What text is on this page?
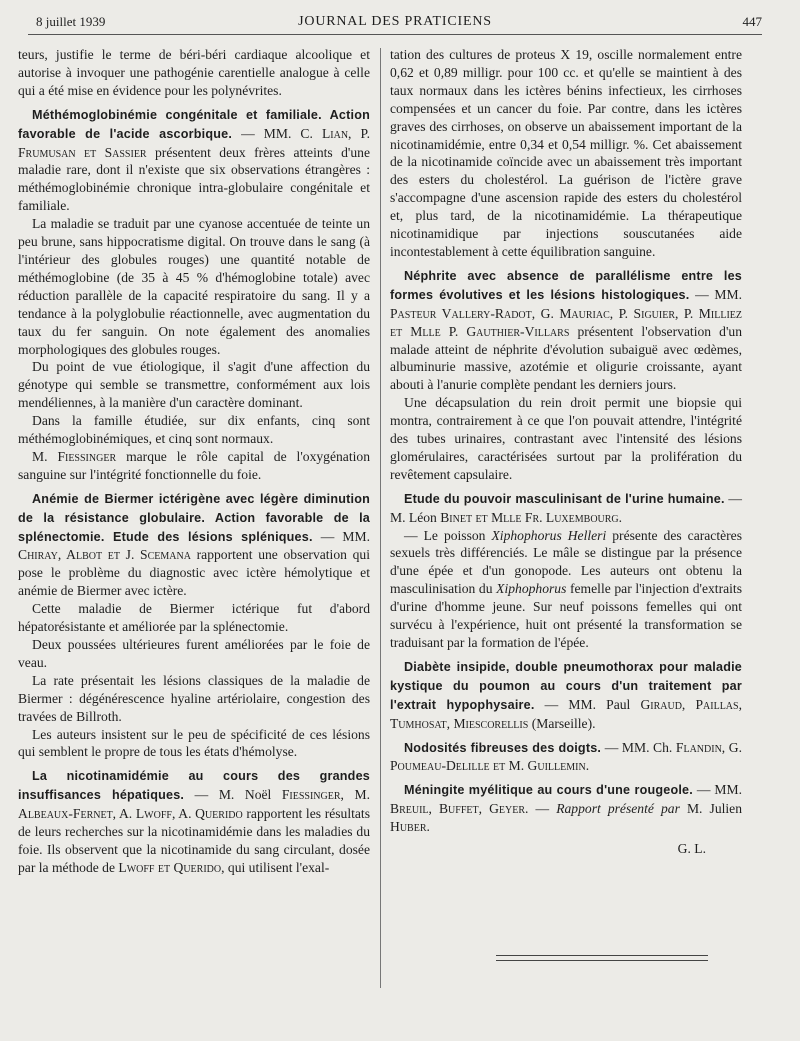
8 juillet 1939	JOURNAL DES PRATICIENS	447

teurs, justifie le terme de béri-béri cardiaque alcoolique et autorise à invoquer une pathogénie carentielle analogue à celle qui a été mise en évidence pour les polynévrites.

Méthémoglobinémie congénitale et familiale. Action favorable de l'acide ascorbique. — MM. C. Lian, P. Frumusan et Sassier présentent deux frères atteints d'une maladie rare, dont il n'existe que six observations étrangères : méthémoglobinémie chronique intra-globulaire congénitale et familiale.

La maladie se traduit par une cyanose accentuée de teinte un peu brune, sans hippocratisme digital. On trouve dans le sang (à l'intérieur des globules rouges) une quantité notable de méthémoglobine (de 35 à 45 % d'hémoglobine totale) avec réduction parallèle de la capacité respiratoire du sang. Il y a tendance à la polyglobulie réactionnelle, avec augmentation du taux du fer sanguin. On note également des anomalies morphologiques des globules rouges.

Du point de vue étiologique, il s'agit d'une affection du génotype qui semble se transmettre, conformément aux lois mendéliennes, à la manière d'un caractère dominant.

Dans la famille étudiée, sur dix enfants, cinq sont méthémoglobinémiques, et cinq sont normaux.

M. Fiessinger marque le rôle capital de l'oxygénation sanguine sur l'intégrité fonctionnelle du foie.

Anémie de Biermer ictérigène avec légère diminution de la résistance globulaire. Action favorable de la splénectomie. Etude des lésions spléniques. — MM. Chiray, Albot et J. Scemana rapportent une observation qui pose le problème du diagnostic avec ictère hémolytique et anémie de Biermer avec ictère.

Cette maladie de Biermer ictérique fut d'abord hépatorésistante et améliorée par la splénectomie.

Deux poussées ultérieures furent améliorées par le foie de veau.

La rate présentait les lésions classiques de la maladie de Biermer : dégénérescence hyaline artériolaire, congestion des travées de Billroth.

Les auteurs insistent sur le peu de spécificité de ces lésions qui semblent le propre de tous les états d'hémolyse.

La nicotinamidémie au cours des grandes insuffisances hépatiques. — M. Noël Fiessinger, M. Albeaux-Fernet, A. Lwoff, A. Querido rapportent les résultats de leurs recherches sur la nicotinamidémie dans les maladies du foie. Ils observent que la nicotinamide du sang circulant, dosée par la méthode de Lwoff et Querido, qui utilisent l'exal-

tation des cultures de proteus X 19, oscille normalement entre 0,62 et 0,89 milligr. pour 100 cc. et qu'elle se maintient à des taux normaux dans les ictères bénins infectieux, les cirrhoses compensées et un cancer du foie. Par contre, dans les ictères graves des cirrhoses, on observe un abaissement important de la nicotinamidémie, entre 0,34 et 0,54 milligr. %. Cet abaissement de la nicotinamide coïncide avec un abaissement très important des esters du cholestérol. La guérison de l'ictère grave s'accompagne d'une ascension rapide des esters du cholestérol et, plus tard, de la nicotinamidémie. La thérapeutique nicotinamidique par injections souscutanées aide incontestablement à cette équilibration sanguine.

Néphrite avec absence de parallélisme entre les formes évolutives et les lésions histologiques. — MM. Pasteur Vallery-Radot, G. Mauriac, P. Siguier, P. Milliez et Mlle P. Gauthier-Villars présentent l'observation d'un malade atteint de néphrite d'évolution subaiguë avec œdèmes, albuminurie massive, azotémie et oligurie croissante, ayant abouti à l'anurie complète pendant les derniers jours.

Une décapsulation du rein droit permit une biopsie qui montra, contrairement à ce que l'on pouvait attendre, l'intégrité des tubes urinaires, contrastant avec l'intensité des lésions glomérulaires, caractérisées surtout par la prolifération du revêtement capsulaire.

Etude du pouvoir masculinisant de l'urine humaine. — M. Léon Binet et Mlle Fr. Luxembourg.

— Le poisson Xiphophorus Helleri présente des caractères sexuels très différenciés. Le mâle se distingue par la présence d'une épée et d'un gonopode. Les auteurs ont obtenu la masculinisation du Xiphophorus femelle par l'injection d'extraits d'urine d'homme jeune. Sur neuf poissons femelles qui ont survécu à l'expérience, huit ont présenté la transformation se traduisant par la formation de l'épée.

Diabète insipide, double pneumothorax pour maladie kystique du poumon au cours d'un traitement par l'extrait hypophysaire. — MM. Paul Giraud, Paillas, Tumhosat, Miescorellis (Marseille).

Nodosités fibreuses des doigts. — MM. Ch. Flandin, G. Poumeau-Delille et M. Guillemin.

Méningite myélitique au cours d'une rougeole. — MM. Breuil, Buffet, Geyer. — Rapport présenté par M. Julien Huber.

G. L.
